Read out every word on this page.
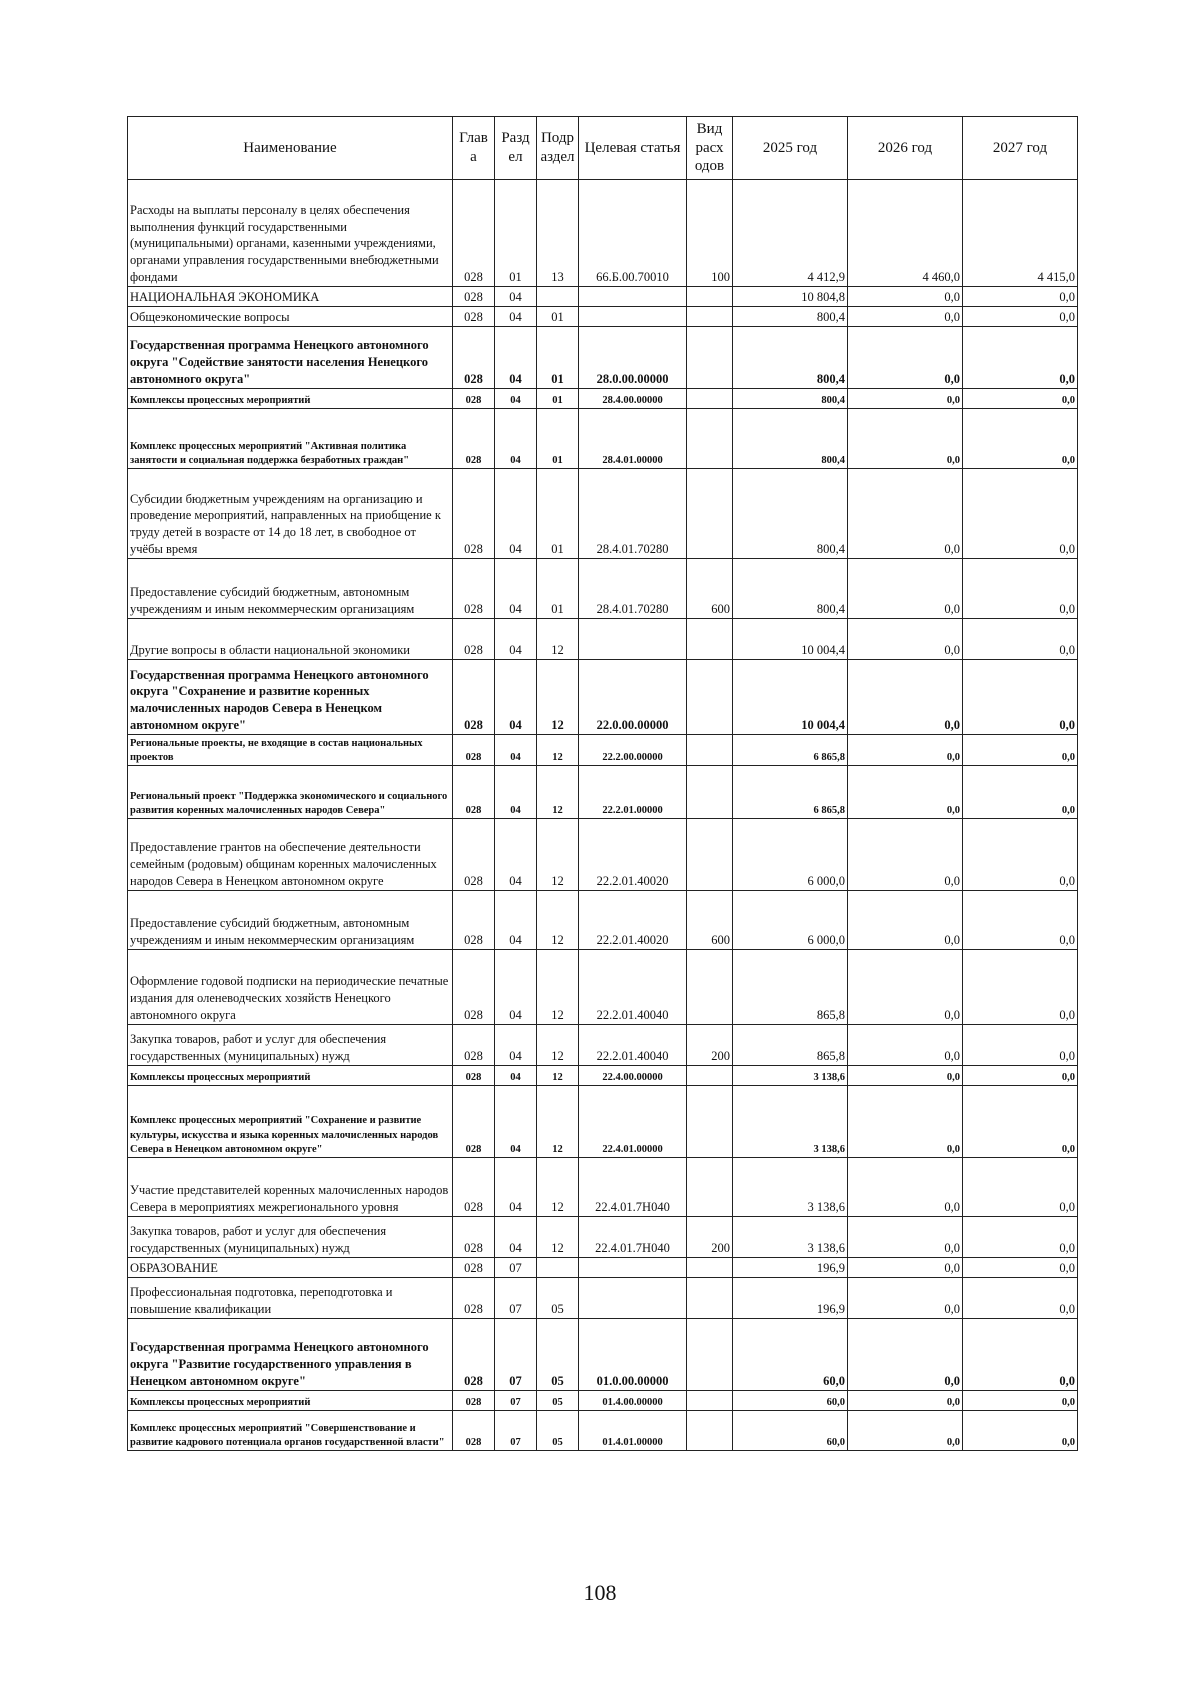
Наименование	Глав а	Разд ел	Подр аздел	Целевая статья	Вид расх одов	2025 год	2026 год	2027 год
Расходы на выплаты персоналу в целях обеспечения выполнения функций государственными (муниципальными) органами, казенными учреждениями, органами управления государственными внебюджетными фондами	028	01	13	66.Б.00.70010	100	4 412,9	4 460,0	4 415,0
НАЦИОНАЛЬНАЯ ЭКОНОМИКА	028	04				10 804,8	0,0	0,0
Общеэкономические вопросы	028	04	01			800,4	0,0	0,0
Государственная программа Ненецкого автономного округа "Содействие занятости населения Ненецкого автономного округа"	028	04	01	28.0.00.00000		800,4	0,0	0,0
Комплексы процессных мероприятий	028	04	01	28.4.00.00000		800,4	0,0	0,0
Комплекс процессных мероприятий "Активная политика занятости и социальная поддержка безработных граждан"	028	04	01	28.4.01.00000		800,4	0,0	0,0
Субсидии бюджетным учреждениям на организацию и проведение мероприятий, направленных на приобщение к труду детей в возрасте от 14 до 18 лет, в свободное от учёбы время	028	04	01	28.4.01.70280		800,4	0,0	0,0
Предоставление субсидий бюджетным, автономным учреждениям и иным некоммерческим организациям	028	04	01	28.4.01.70280	600	800,4	0,0	0,0
Другие вопросы в области национальной экономики	028	04	12			10 004,4	0,0	0,0
Государственная программа Ненецкого автономного округа "Сохранение и развитие коренных малочисленных народов Севера в Ненецком автономном округе"	028	04	12	22.0.00.00000		10 004,4	0,0	0,0
Региональные проекты, не входящие в состав национальных проектов	028	04	12	22.2.00.00000		6 865,8	0,0	0,0
Региональный проект "Поддержка экономического и социального развития коренных малочисленных народов Севера"	028	04	12	22.2.01.00000		6 865,8	0,0	0,0
Предоставление грантов на обеспечение деятельности семейным (родовым) общинам коренных малочисленных народов Севера в Ненецком автономном округе	028	04	12	22.2.01.40020		6 000,0	0,0	0,0
Предоставление субсидий бюджетным, автономным учреждениям и иным некоммерческим организациям	028	04	12	22.2.01.40020	600	6 000,0	0,0	0,0
Оформление годовой подписки на периодические печатные издания для оленеводческих хозяйств Ненецкого автономного округа	028	04	12	22.2.01.40040		865,8	0,0	0,0
Закупка товаров, работ и услуг для обеспечения государственных (муниципальных) нужд	028	04	12	22.2.01.40040	200	865,8	0,0	0,0
Комплексы процессных мероприятий	028	04	12	22.4.00.00000		3 138,6	0,0	0,0
Комплекс процессных мероприятий "Сохранение и развитие культуры, искусства и языка коренных малочисленных народов Севера в Ненецком автономном округе"	028	04	12	22.4.01.00000		3 138,6	0,0	0,0
Участие представителей коренных малочисленных народов Севера в мероприятиях межрегионального уровня	028	04	12	22.4.01.7Н040		3 138,6	0,0	0,0
Закупка товаров, работ и услуг для обеспечения государственных (муниципальных) нужд	028	04	12	22.4.01.7Н040	200	3 138,6	0,0	0,0
ОБРАЗОВАНИЕ	028	07				196,9	0,0	0,0
Профессиональная подготовка, переподготовка и повышение квалификации	028	07	05			196,9	0,0	0,0
Государственная программа Ненецкого автономного округа "Развитие государственного управления в Ненецком автономном округе"	028	07	05	01.0.00.00000		60,0	0,0	0,0
Комплексы процессных мероприятий	028	07	05	01.4.00.00000		60,0	0,0	0,0
Комплекс процессных мероприятий "Совершенствование и развитие кадрового потенциала органов государственной власти"	028	07	05	01.4.01.00000		60,0	0,0	0,0
108
